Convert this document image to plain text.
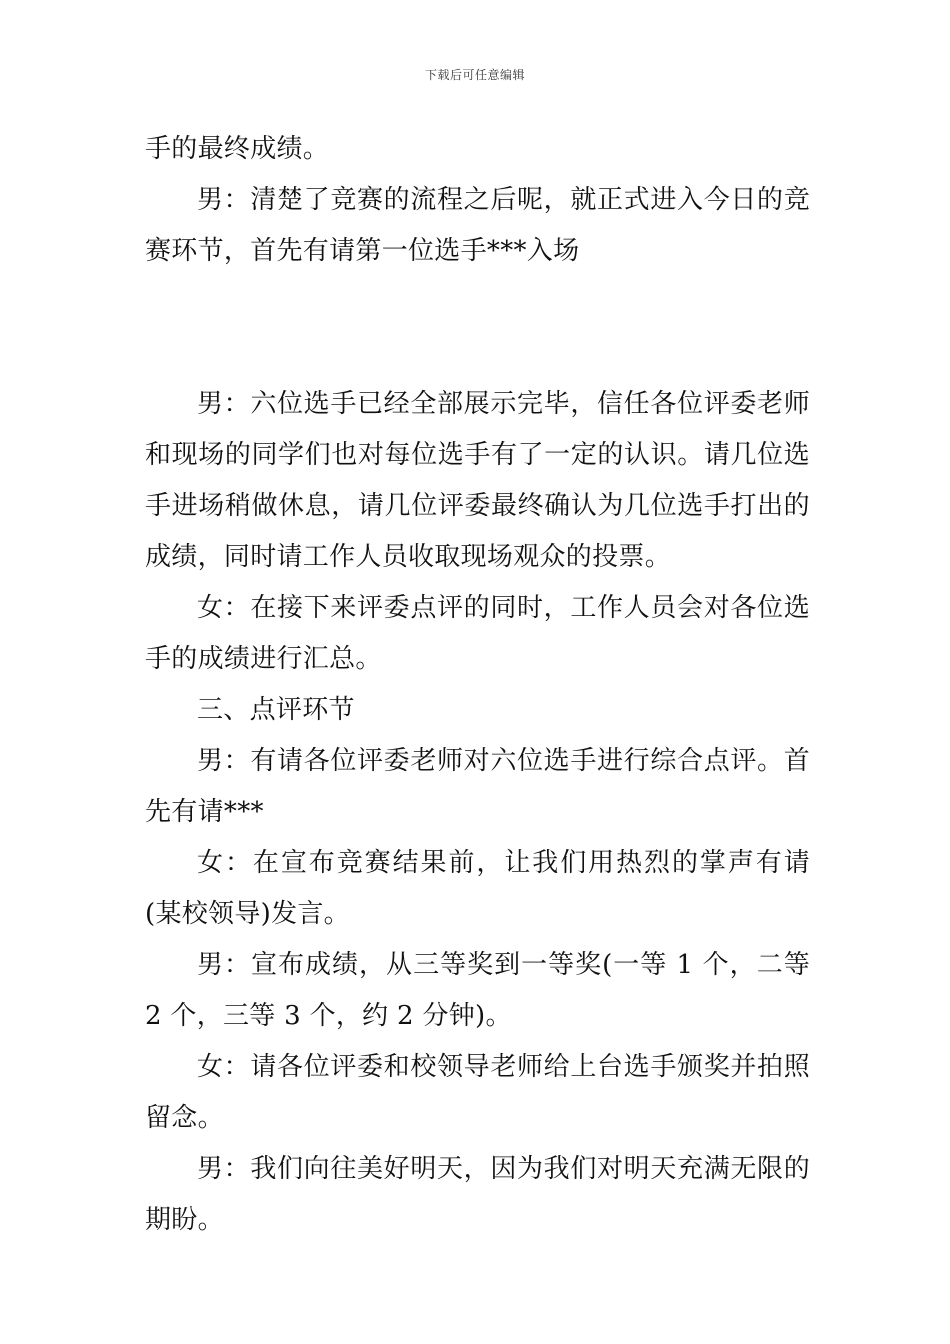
下载后可任意编辑

手的最终成绩。

男：清楚了竞赛的流程之后呢，就正式进入今日的竞赛环节，首先有请第一位选手***入场

男：六位选手已经全部展示完毕，信任各位评委老师和现场的同学们也对每位选手有了一定的认识。请几位选手进场稍做休息，请几位评委最终确认为几位选手打出的成绩，同时请工作人员收取现场观众的投票。

女：在接下来评委点评的同时，工作人员会对各位选手的成绩进行汇总。

三、点评环节

男：有请各位评委老师对六位选手进行综合点评。首先有请***

女：在宣布竞赛结果前，让我们用热烈的掌声有请(某校领导)发言。

男：宣布成绩，从三等奖到一等奖(一等 1 个，二等 2 个，三等 3 个，约 2 分钟)。

女：请各位评委和校领导老师给上台选手颁奖并拍照留念。

男：我们向往美好明天，因为我们对明天充满无限的期盼。
